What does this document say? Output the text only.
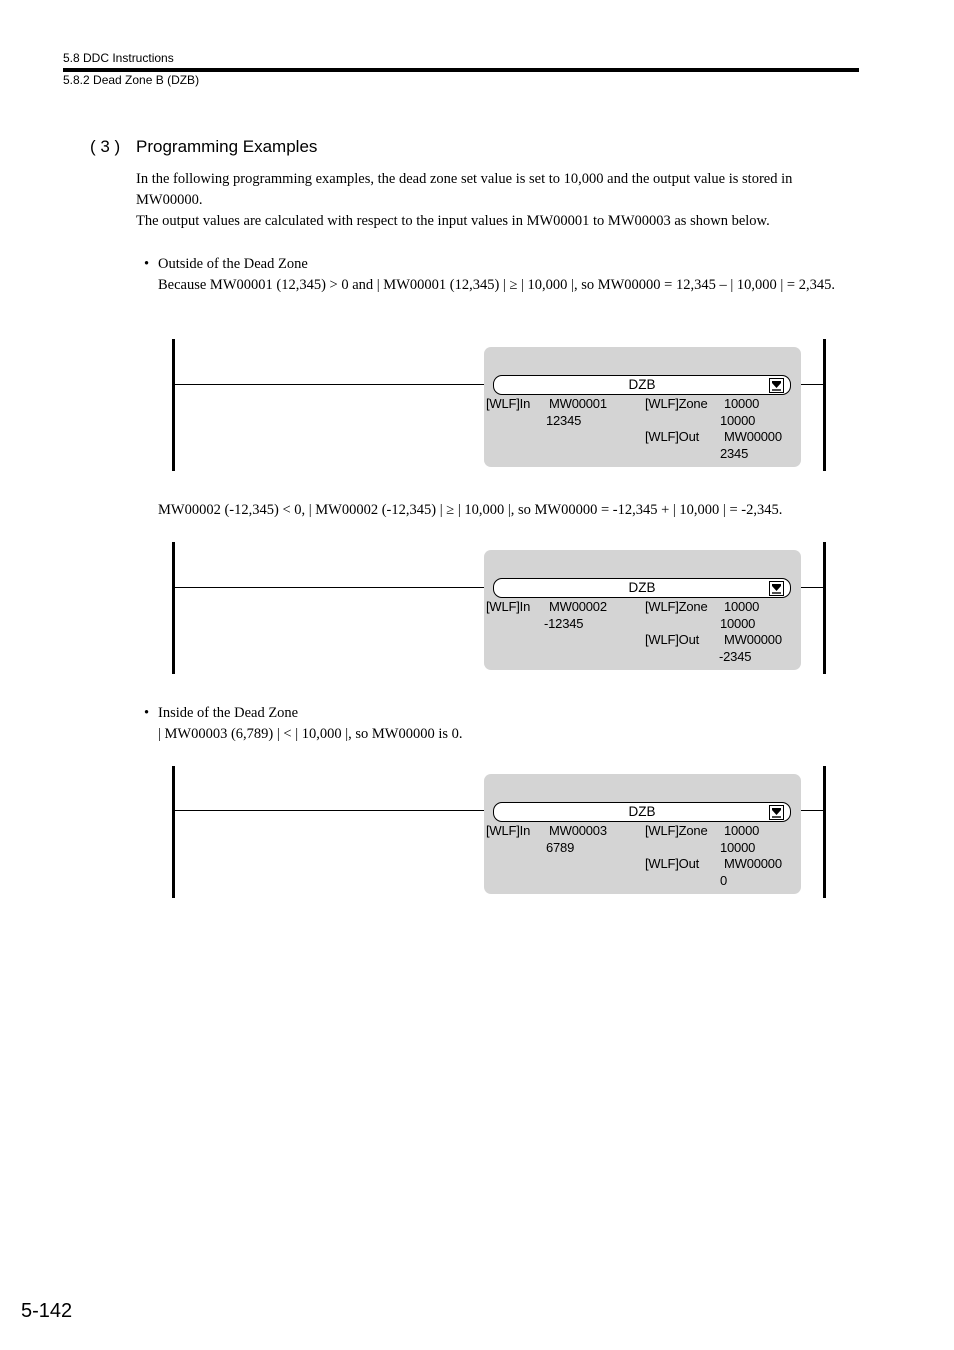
5.8 DDC Instructions
5.8.2 Dead Zone B (DZB)
( 3 ) Programming Examples
In the following programming examples, the dead zone set value is set to 10,000 and the output value is stored in MW00000.
The output values are calculated with respect to the input values in MW00001 to MW00003 as shown below.
• Outside of the Dead Zone
Because MW00001 (12,345) > 0 and | MW00001 (12,345) | ≥ | 10,000 |, so MW00000 = 12,345 – | 10,000 | = 2,345.
DZB
[WLF]In MW00001
12345
[WLF]Zone 10000
10000
[WLF]Out MW00000
2345
MW00002 (-12,345) < 0, | MW00002 (-12,345) | ≥ | 10,000 |, so MW00000 = -12,345 + | 10,000 | = -2,345.
DZB
[WLF]In MW00002
-12345
[WLF]Zone 10000
10000
[WLF]Out MW00000
-2345
• Inside of the Dead Zone
| MW00003 (6,789) | < | 10,000 |, so MW00000 is 0.
DZB
[WLF]In MW00003
6789
[WLF]Zone 10000
10000
[WLF]Out MW00000
0
5-142
